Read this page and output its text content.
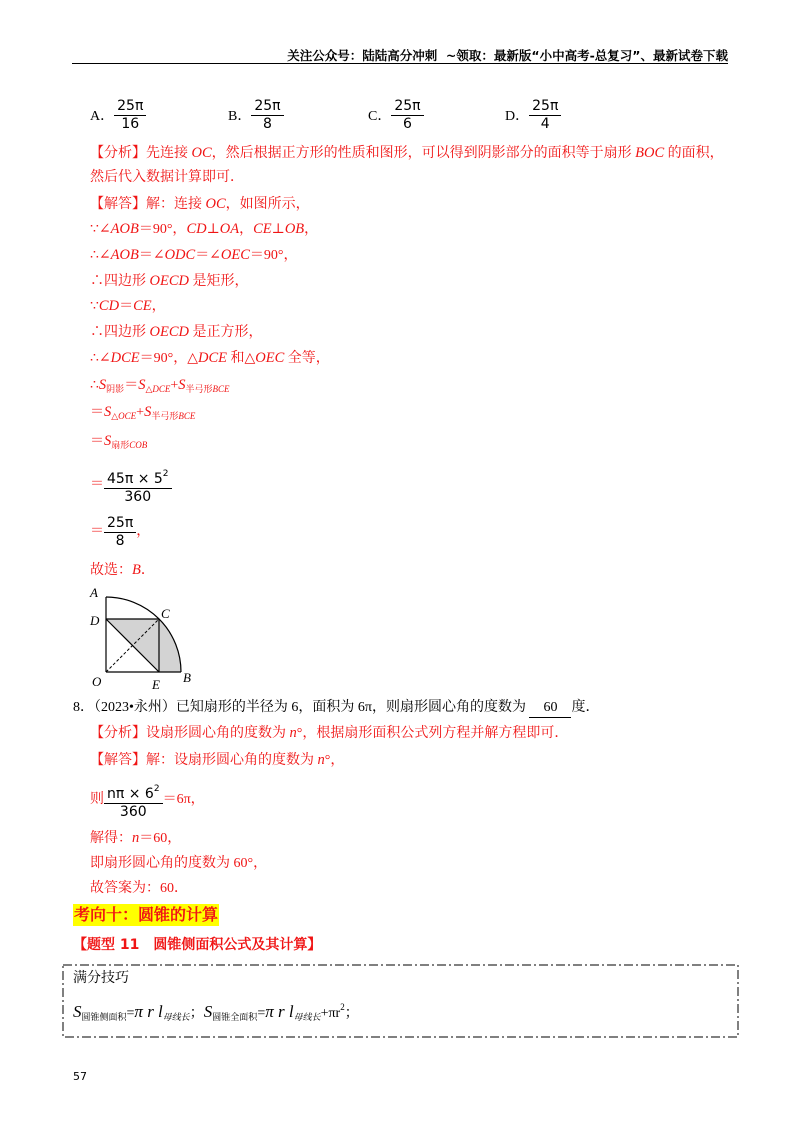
关注公众号：陆陆高分冲刺  ~领取：最新版“小中高考-总复习”、最新试卷下载
A． $\frac{25\pi}{16}$	B． $\frac{25\pi}{8}$	C． $\frac{25\pi}{6}$	D． $\frac{25\pi}{4}$
【分析】先连接 OC ，然后根据正方形的性质和图形，可以得到阴影部分的面积等于扇形 BOC 的面积，
然后代入数据计算即可．
【解答】解：连接 OC ，如图所示，
∵∠ AOB ＝90°， CD ⊥ OA ， CE ⊥ OB ，
∴∠ AOB ＝∠ ODC ＝∠ OEC ＝90°，
∴四边形 OECD 是矩形，
∵ CD ＝ CE ，
∴四边形 OECD 是正方形，
∴∠ DCE ＝90°，△ DCE 和△ OEC 全等，
∴ S 阴影 ＝ S △ DCE + S 半弓形 BCE
＝ S △ OCE + S 半弓形 BCE
＝ S 扇形 COB
＝ $\frac{45\pi \times 5^2}{360}$
＝ $\frac{25\pi}{8}$ ，
故选： B ．
A
D	C
O	E B
8．（2023•永州）已知扇形的半径为 6，面积为 6π，则扇形圆心角的度数为	60	度．
【分析】设扇形圆心角的度数为 n °，根据扇形面积公式列方程并解方程即可．
【解答】解：设扇形圆心角的度数为 n °，
则 $\frac{n\pi \times 6^2}{360} =6\pi$，
解得： n ＝60，
即扇形圆心角的度数为 60°，
故答案为：60．
考向十：圆锥的计算
【题型 11　圆锥侧面积公式及其计算】
满分技巧
S 圆锥侧面积 = π r l 母线长 ； S 圆锥全面积 = π r l 母线长 +πr 2 ；
57
